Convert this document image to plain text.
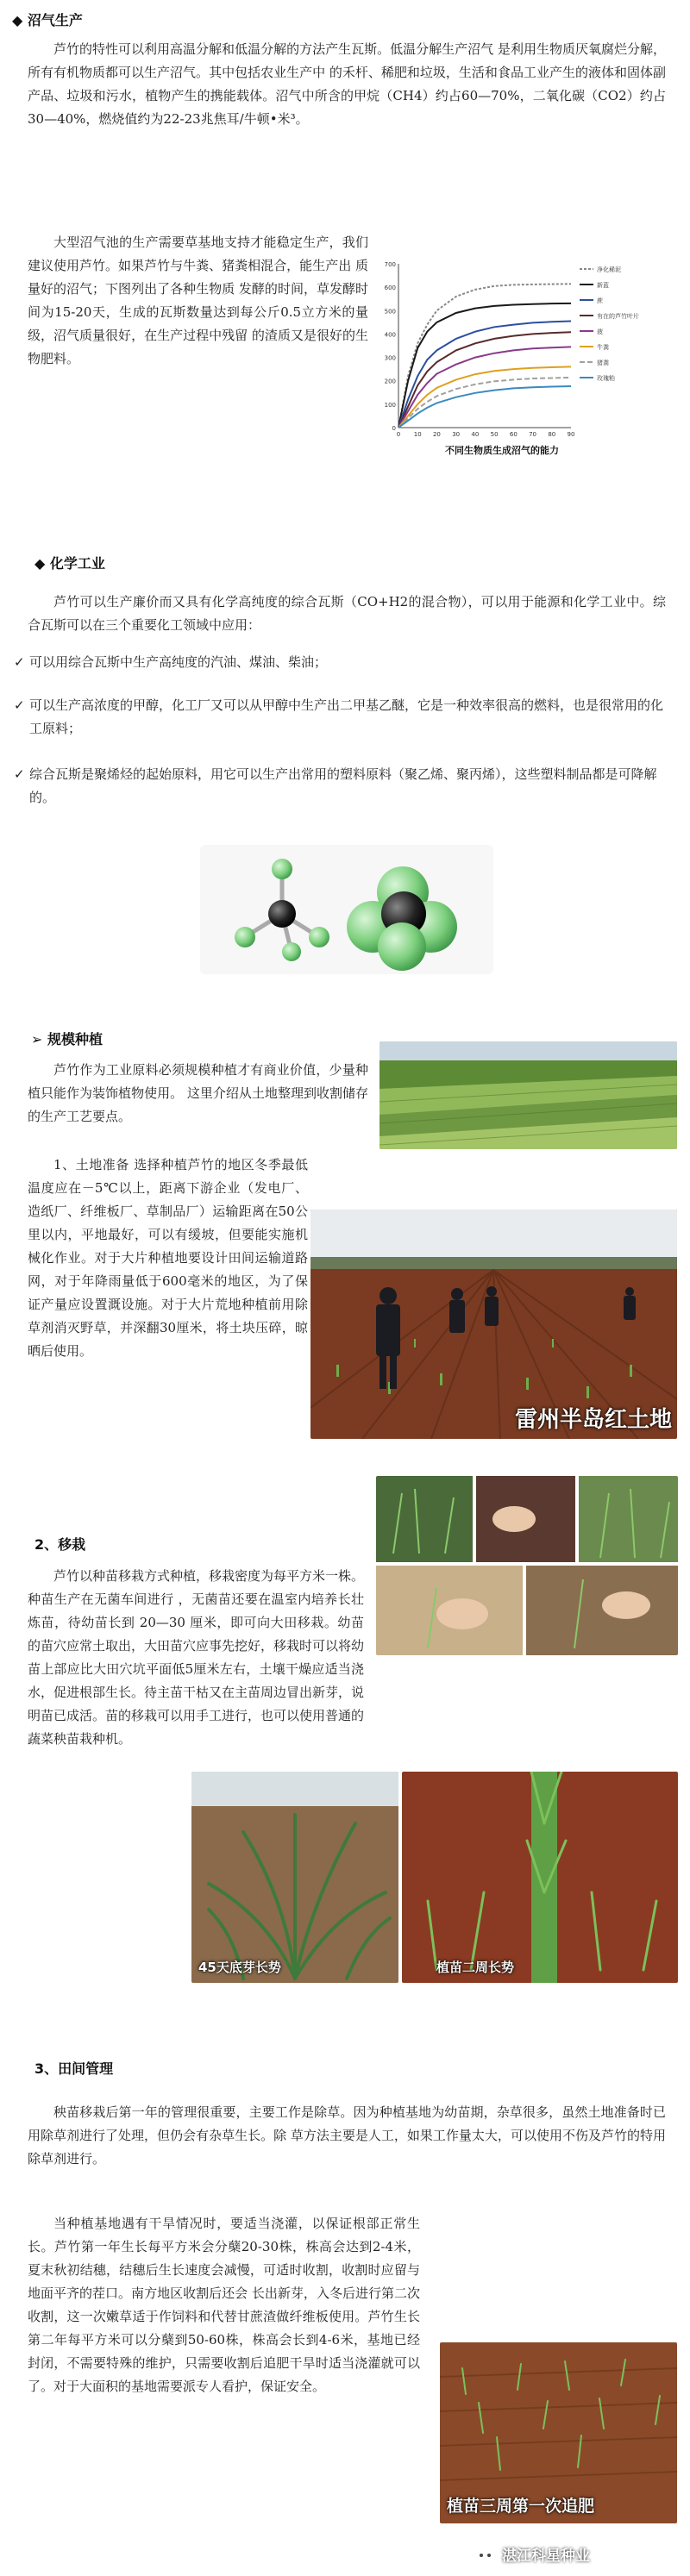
◆ 沼气生产
芦竹的特性可以利用高温分解和低温分解的方法产生瓦斯。低温分解生产沼气 是利用生物质厌氧腐烂分解，所有有机物质都可以生产沼气。其中包括农业生产中 的禾杆、稀肥和垃圾，生活和食品工业产生的液体和固体副产品、垃圾和污水，植物产生的携能载体。沼气中所含的甲烷（CH4）约占60—70%，二氧化碳（CO2）约占30—40%，燃烧值约为22-23兆焦耳/牛顿•米³。
大型沼气池的生产需要草基地支持才能稳定生产，我们建议使用芦竹。如果芦竹与牛粪、猪粪相混合，能生产出 质量好的沼气；下图列出了各种生物质 发酵的时间，草发酵时间为15-20天，生成的瓦斯数量达到每公斤0.5立方米的量级，沼气质量很好，在生产过程中残留 的渣质又是很好的生物肥料。
0
100
200
300
400
500
600
700
0 10 20 30 40 50 60 70 80 90
净化稀泥
新蓝
蔗
有在的芦竹叶片
菠
牛粪
猪粪
玫瑰粕
不同生物质生成沼气的能力
◆ 化学工业
芦竹可以生产廉价而又具有化学高纯度的综合瓦斯（CO+H2的混合物），可以用于能源和化学工业中。综合瓦斯可以在三个重要化工领域中应用：
✓ 可以用综合瓦斯中生产高纯度的汽油、煤油、柴油；
✓ 可以生产高浓度的甲醇，化工厂又可以从甲醇中生产出二甲基乙醚，它是一种效率很高的燃料，也是很常用的化工原料；
✓ 综合瓦斯是聚烯烃的起始原料，用它可以生产出常用的塑料原料（聚乙烯、聚丙烯），这些塑料制品都是可降解的。
➢ 规模种植
芦竹作为工业原料必须规模种植才有商业价值，少量种植只能作为装饰植物使用。 这里介绍从土地整理到收割储存的生产工艺要点。
1、土地准备 选择种植芦竹的地区冬季最低温度应在－5℃以上，距离下游企业（发电厂、造纸厂、纤维板厂、草制品厂）运输距离在50公里以内，平地最好，可以有缓坡，但要能实施机械化作业。对于大片种植地要设计田间运输道路网，对于年降雨量低于600毫米的地区，为了保证产量应设置溉设施。对于大片荒地种植前用除草剂消灭野草，并深翻30厘米，将土块压碎，晾晒后使用。
雷州半岛红土地
2、移栽
芦竹以种苗移栽方式种植，移栽密度为每平方米一株。种苗生产在无菌车间进行 ，无菌苗还要在温室内培养长壮炼苗，待幼苗长到 20—30 厘米，即可向大田移栽。幼苗的苗穴应常土取出，大田苗穴应事先挖好，移栽时可以将幼苗上部应比大田穴坑平面低5厘米左右，土壤干燥应适当浇水，促进根部生长。待主苗干枯又在主苗周边冒出新芽，说明苗已成活。苗的移栽可以用手工进行，也可以使用普通的蔬菜秧苗栽种机。
45天底芽长势	植苗二周长势
3、田间管理
秧苗移栽后第一年的管理很重要，主要工作是除草。因为种植基地为幼苗期，杂草很多，虽然土地准备时已用除草剂进行了处理，但仍会有杂草生长。除 草方法主要是人工，如果工作量太大，可以使用不伤及芦竹的特用除草剂进行。
当种植基地遇有干旱情况时，要适当浇灌，以保证根部正常生长。芦竹第一年生长每平方米会分蘖20-30株，株高会达到2-4米，夏末秋初结穗，结穗后生长速度会减慢，可适时收割，收割时应留与地面平齐的茬口。南方地区收割后还会 长出新芽，入冬后进行第二次收割，这一次嫩草适于作饲料和代替甘蔗渣做纤维板使用。芦竹生长第二年每平方米可以分蘖到50-60株，株高会长到4-6米，基地已经封闭，不需要特殊的维护，只需要收割后追肥干旱时适当浇灌就可以了。对于大面积的基地需要派专人看护，保证安全。
植苗三周第一次追肥
湛江科星种业
